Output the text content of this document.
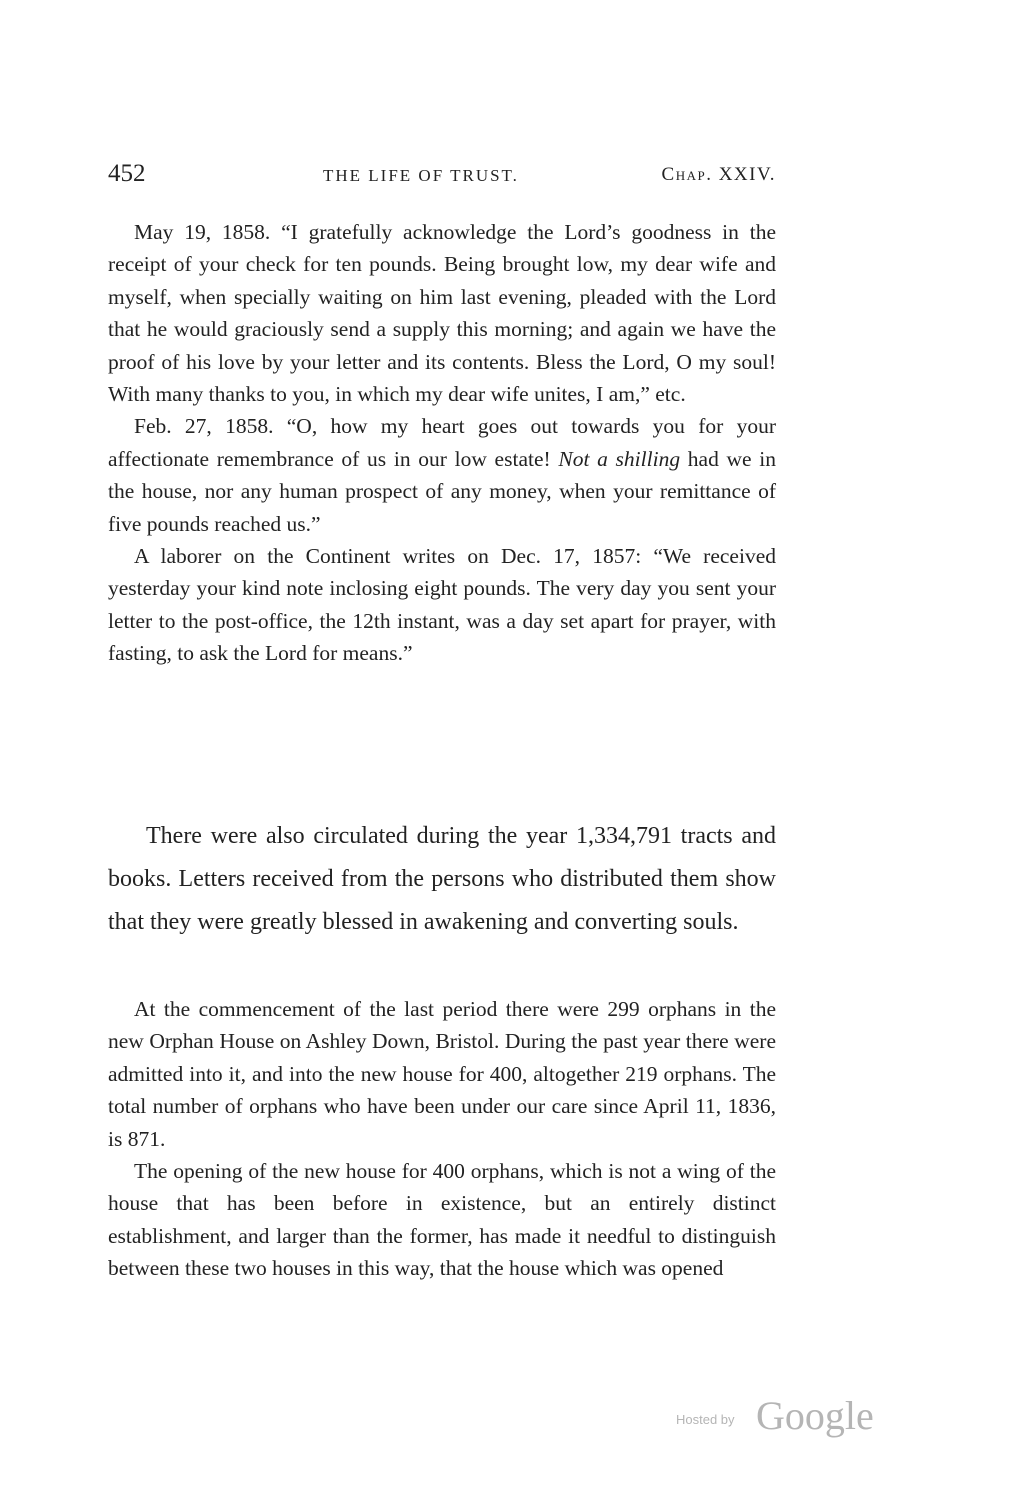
452	THE LIFE OF TRUST.	Chap. XXIV.

May 19, 1858. “I gratefully acknowledge the Lord’s goodness in the receipt of your check for ten pounds. Being brought low, my dear wife and myself, when specially waiting on him last evening, pleaded with the Lord that he would graciously send a supply this morning; and again we have the proof of his love by your letter and its contents. Bless the Lord, O my soul! With many thanks to you, in which my dear wife unites, I am,” etc.

Feb. 27, 1858. “O, how my heart goes out towards you for your affectionate remembrance of us in our low estate! Not a shilling had we in the house, nor any human prospect of any money, when your remittance of five pounds reached us.”

A laborer on the Continent writes on Dec. 17, 1857: “We received yesterday your kind note inclosing eight pounds. The very day you sent your letter to the post-office, the 12th instant, was a day set apart for prayer, with fasting, to ask the Lord for means.”

There were also circulated during the year 1,334,791 tracts and books. Letters received from the persons who distributed them show that they were greatly blessed in awakening and converting souls.

At the commencement of the last period there were 299 orphans in the new Orphan House on Ashley Down, Bristol. During the past year there were admitted into it, and into the new house for 400, altogether 219 orphans. The total number of orphans who have been under our care since April 11, 1836, is 871.

The opening of the new house for 400 orphans, which is not a wing of the house that has been before in existence, but an entirely distinct establishment, and larger than the former, has made it needful to distinguish between these two houses in this way, that the house which was opened

Hosted by Google
